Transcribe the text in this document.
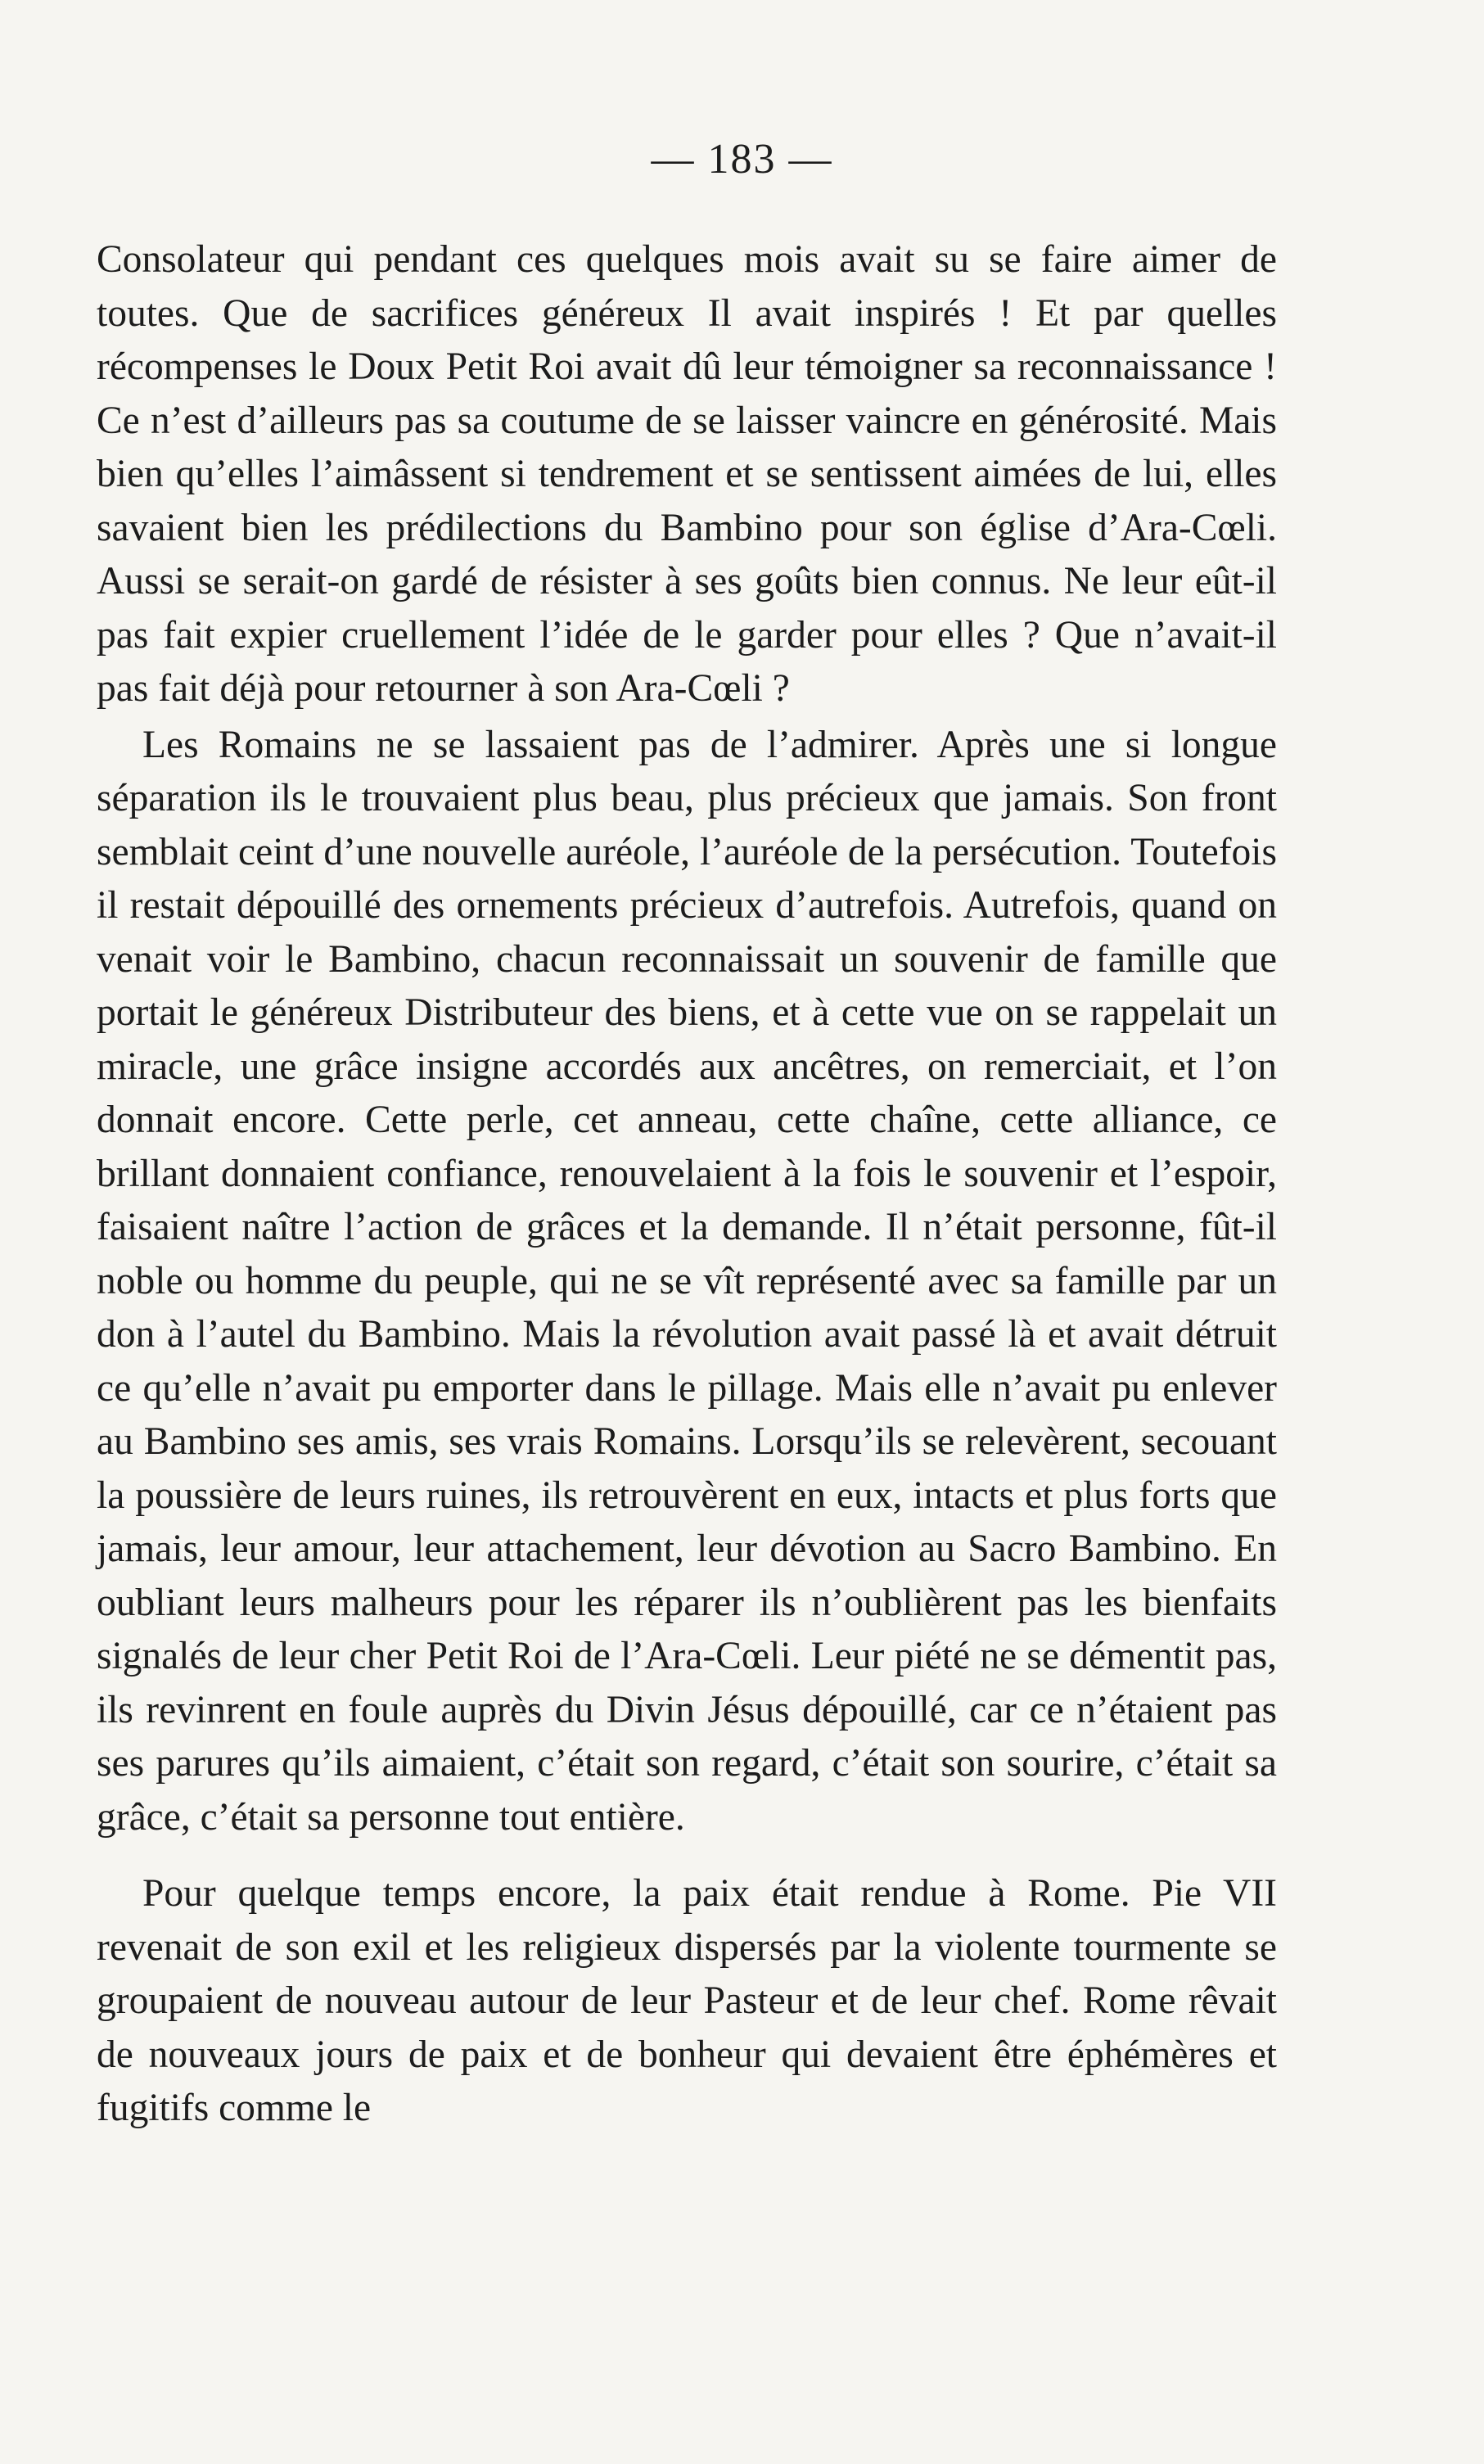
— 183 —

Consolateur qui pendant ces quelques mois avait su se faire aimer de toutes. Que de sacrifices généreux Il avait inspirés ! Et par quelles récompenses le Doux Petit Roi avait dû leur témoigner sa reconnaissance ! Ce n’est d’ailleurs pas sa coutume de se laisser vaincre en générosité. Mais bien qu’elles l’aimâssent si tendrement et se sentissent aimées de lui, elles savaient bien les prédilections du Bambino pour son église d’Ara-Cœli. Aussi se serait-on gardé de résister à ses goûts bien connus. Ne leur eût-il pas fait expier cruellement l’idée de le garder pour elles ? Que n’avait-il pas fait déjà pour retourner à son Ara-Cœli ?

Les Romains ne se lassaient pas de l’admirer. Après une si longue séparation ils le trouvaient plus beau, plus précieux que jamais. Son front semblait ceint d’une nouvelle auréole, l’auréole de la persécution. Toutefois il restait dépouillé des ornements précieux d’autrefois. Autrefois, quand on venait voir le Bambino, chacun reconnaissait un souvenir de famille que portait le généreux Distributeur des biens, et à cette vue on se rappelait un miracle, une grâce insigne accordés aux ancêtres, on remerciait, et l’on donnait encore. Cette perle, cet anneau, cette chaîne, cette alliance, ce brillant donnaient confiance, renouvelaient à la fois le souvenir et l’espoir, faisaient naître l’action de grâces et la demande. Il n’était personne, fût-il noble ou homme du peuple, qui ne se vît représenté avec sa famille par un don à l’autel du Bambino. Mais la révolution avait passé là et avait détruit ce qu’elle n’avait pu emporter dans le pillage. Mais elle n’avait pu enlever au Bambino ses amis, ses vrais Romains. Lorsqu’ils se relevèrent, secouant la poussière de leurs ruines, ils retrouvèrent en eux, intacts et plus forts que jamais, leur amour, leur attachement, leur dévotion au Sacro Bambino. En oubliant leurs malheurs pour les réparer ils n’oublièrent pas les bienfaits signalés de leur cher Petit Roi de l’Ara-Cœli. Leur piété ne se démentit pas, ils revinrent en foule auprès du Divin Jésus dépouillé, car ce n’étaient pas ses parures qu’ils aimaient, c’était son regard, c’était son sourire, c’était sa grâce, c’était sa personne tout entière.

Pour quelque temps encore, la paix était rendue à Rome. Pie VII revenait de son exil et les religieux dispersés par la violente tourmente se groupaient de nouveau autour de leur Pasteur et de leur chef. Rome rêvait de nouveaux jours de paix et de bonheur qui devaient être éphémères et fugitifs comme le
